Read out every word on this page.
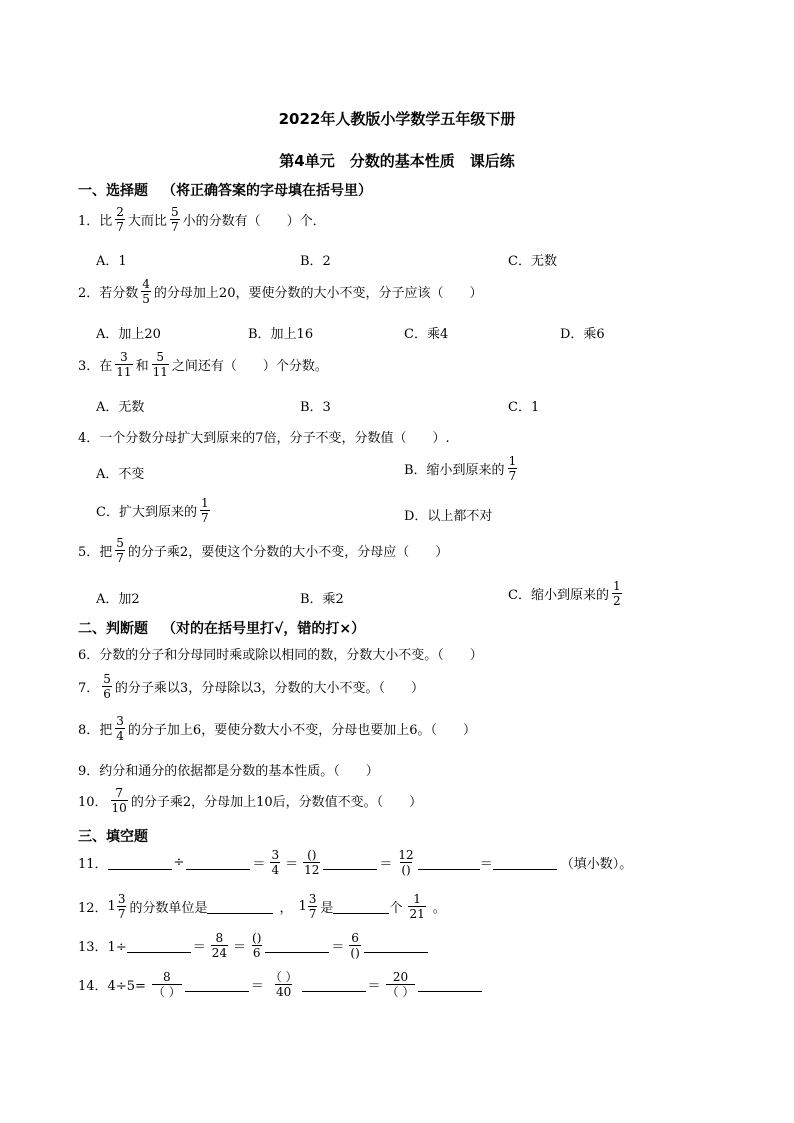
2022年人教版小学数学五年级下册
第4单元　分数的基本性质　课后练
一、选择题 （将正确答案的字母填在括号里）
1．比 $\frac{2}{7}$ 大而比 $\frac{5}{7}$ 小的分数有（　　）个．
A．1	B．2	C．无数
2．若分数 $\frac{4}{5}$ 的分母加上20，要使分数的大小不变，分子应该（　　）
A．加上20	B．加上16	C．乘4	D．乘6
3．在 $\frac{3}{11}$ 和 $\frac{5}{11}$ 之间还有（　　）个分数。
A．无数	B．3	C．1
4．一个分数分母扩大到原来的7倍，分子不变，分数值（　　）.
A．不变	B．缩小到原来的 $\frac{1}{7}$
C．扩大到原来的 $\frac{1}{7}$	D．以上都不对
5．把 $\frac{5}{7}$ 的分子乘2，要使这个分数的大小不变，分母应（　　）
A．加2	B．乘2	C．缩小到原来的 $\frac{1}{2}$
二、判断题 （对的在括号里打√，错的打×）
6．分数的分子和分母同时乘或除以相同的数，分数大小不变。（　　）
7． $\frac{5}{6}$ 的分子乘以3，分母除以3，分数的大小不变。（　　）
8．把 $\frac{3}{4}$ 的分子加上6，要使分数大小不变，分母也要加上6。（　　）
9．约分和通分的依据都是分数的基本性质。（　　）
10． $\frac{7}{10}$ 的分子乘2，分母加上10后，分数值不变。（　　）
三、填空题
11．	÷	＝ $\frac{3}{4} = \frac{()}{12}$	＝ $\frac{12}{()}$	＝	（填小数）。
12． $1 \frac{3}{7}$ 的分数单位是	， $1 \frac{3}{7}$ 是	个 $\frac{1}{21}$ 。
13．1÷	＝ $\frac{8}{24} = \frac{()}{6}$	＝ $\frac{6}{()}$
14．$4\div 5= \frac{8}{( )}$	＝ $\frac{( )}{40}$	＝ $\frac{20}{( )}$
